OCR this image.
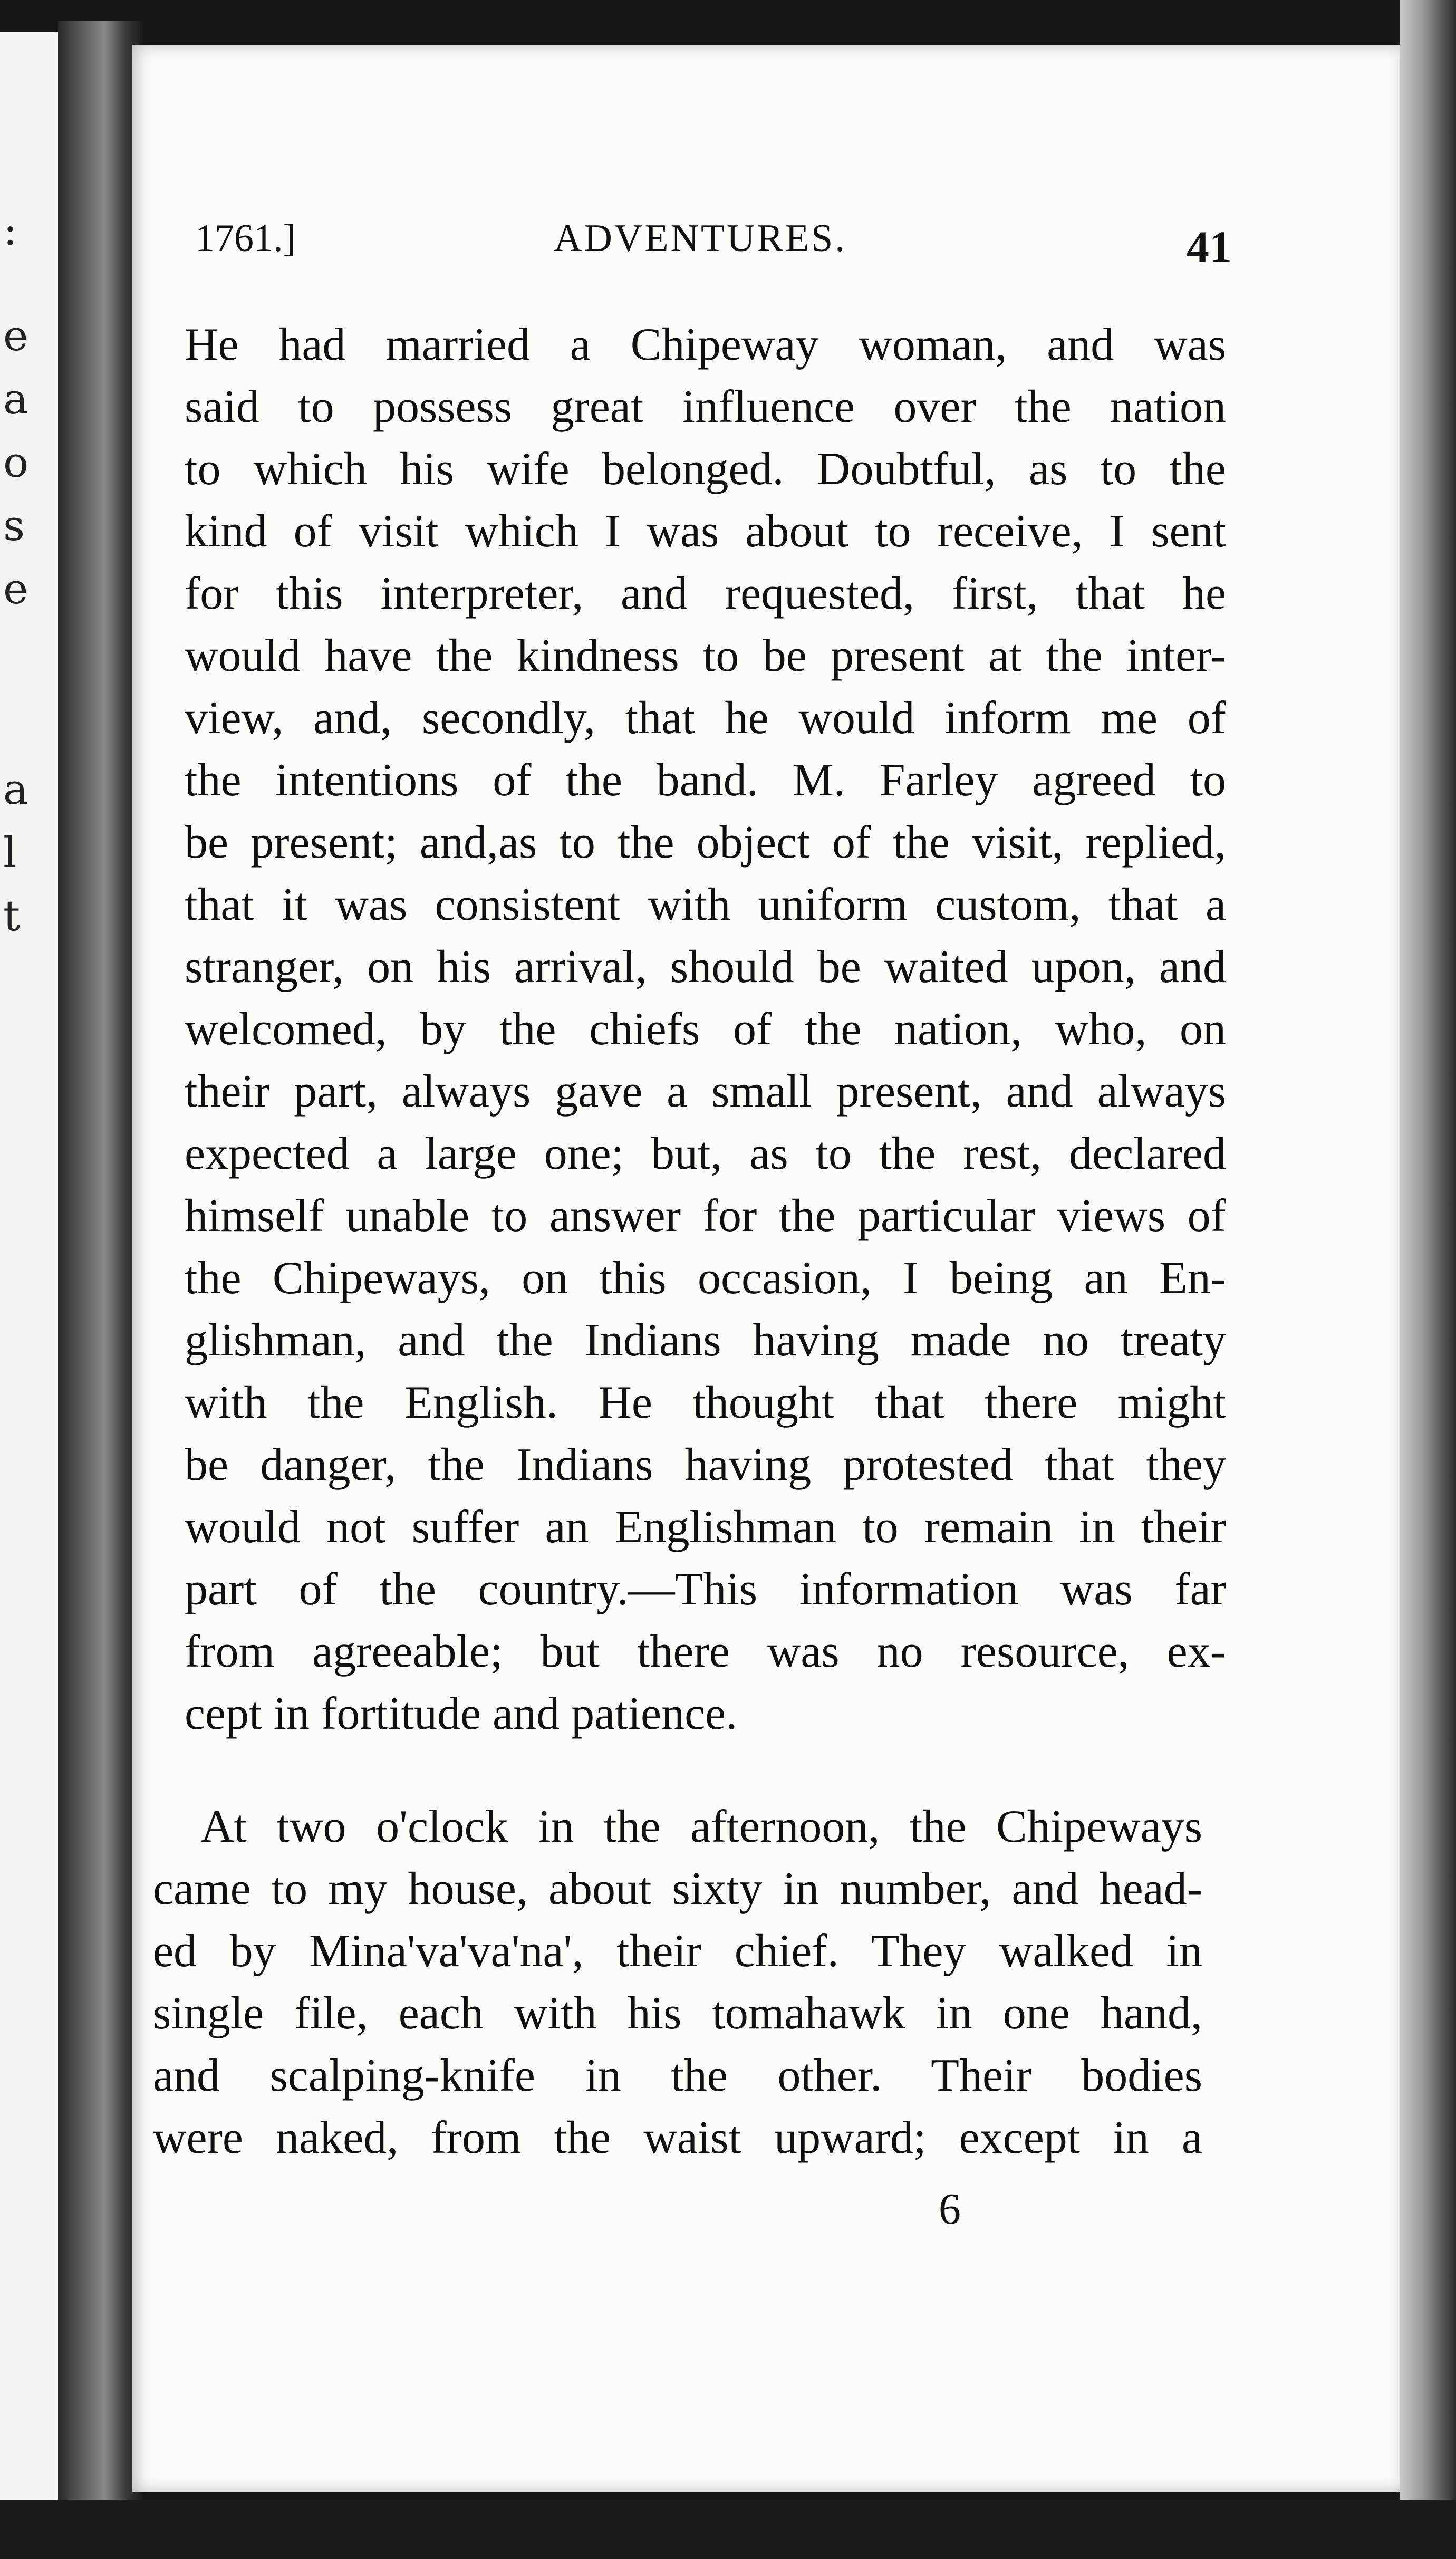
:
e
a
o
s
e
a
l
t
1761.]	ADVENTURES.	41
He had married a Chipeway woman, and was
said to possess great influence over the nation
to which his wife belonged. Doubtful, as to the
kind of visit which I was about to receive, I sent
for this interpreter, and requested, first, that he
would have the kindness to be present at the inter-
view, and, secondly, that he would inform me of
the intentions of the band. M. Farley agreed to
be present; and,as to the object of the visit, replied,
that it was consistent with uniform custom, that a
stranger, on his arrival, should be waited upon, and
welcomed, by the chiefs of the nation, who, on
their part, always gave a small present, and always
expected a large one; but, as to the rest, declared
himself unable to answer for the particular views of
the Chipeways, on this occasion, I being an En-
glishman, and the Indians having made no treaty
with the English. He thought that there might
be danger, the Indians having protested that they
would not suffer an Englishman to remain in their
part of the country.—This information was far
from agreeable; but there was no resource, ex-
cept in fortitude and patience.
At two o'clock in the afternoon, the Chipeways
came to my house, about sixty in number, and head-
ed by Mina'va'va'na', their chief. They walked in
single file, each with his tomahawk in one hand,
and scalping-knife in the other. Their bodies
were naked, from the waist upward; except in a
6
